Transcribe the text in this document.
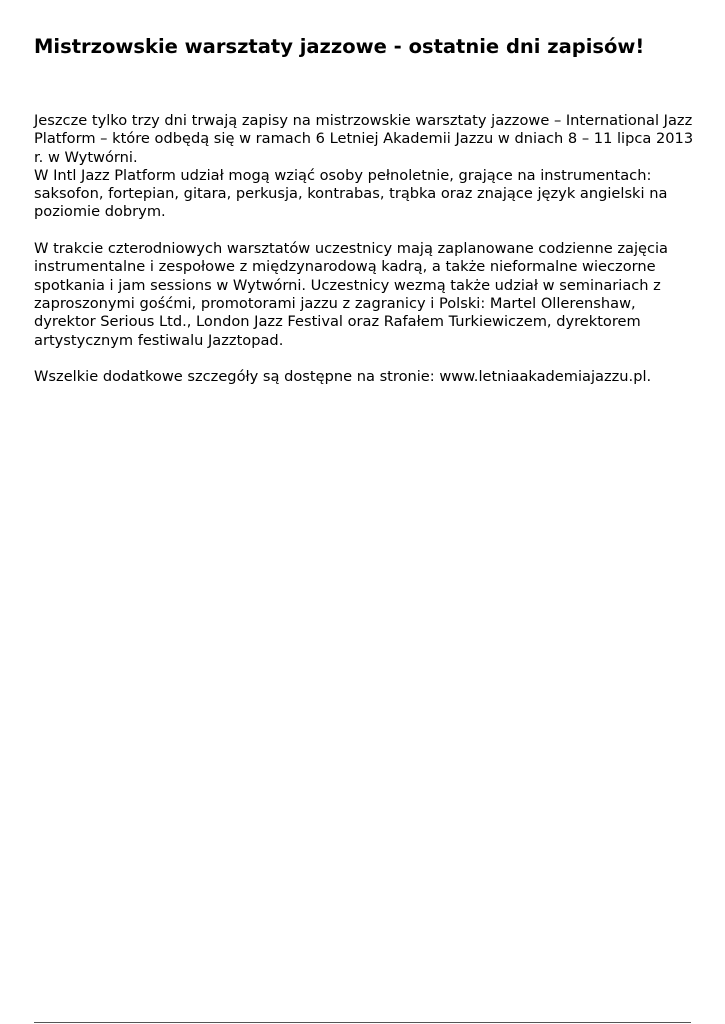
Mistrzowskie warsztaty jazzowe - ostatnie dni zapisów!

Jeszcze tylko trzy dni trwają zapisy na mistrzowskie warsztaty jazzowe – International Jazz Platform – które odbędą się w ramach 6 Letniej Akademii Jazzu w dniach 8 – 11 lipca 2013 r. w Wytwórni.

W Intl Jazz Platform udział mogą wziąć osoby pełnoletnie, grające na instrumentach: saksofon, fortepian, gitara, perkusja, kontrabas, trąbka oraz znające język angielski na poziomie dobrym.

W trakcie czterodniowych warsztatów uczestnicy mają zaplanowane codzienne zajęcia instrumentalne i zespołowe z międzynarodową kadrą, a także nieformalne wieczorne spotkania i jam sessions w Wytwórni. Uczestnicy wezmą także udział w seminariach z zaproszonymi gośćmi, promotorami jazzu z zagranicy i Polski: Martel Ollerenshaw, dyrektor Serious Ltd., London Jazz Festival oraz Rafałem Turkiewiczem, dyrektorem artystycznym festiwalu Jazztopad.

Wszelkie dodatkowe szczegóły są dostępne na stronie: www.letniaakademiajazzu.pl.
